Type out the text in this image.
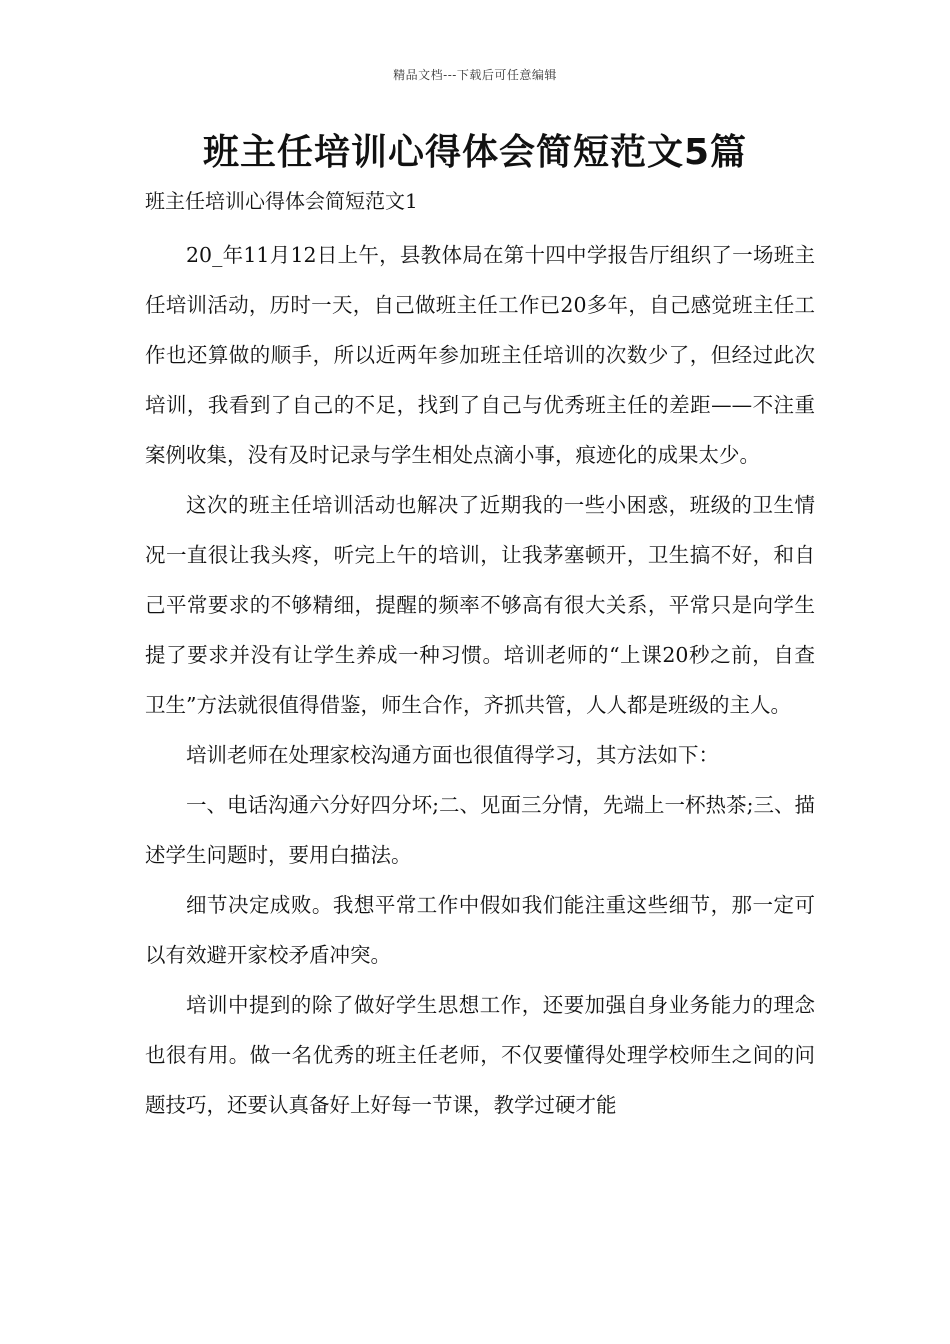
精品文档---下载后可任意编辑
班主任培训心得体会简短范文5篇
班主任培训心得体会简短范文1

20_年11月12日上午，县教体局在第十四中学报告厅组织了一场班主任培训活动，历时一天，自己做班主任工作已20多年，自己感觉班主任工作也还算做的顺手，所以近两年参加班主任培训的次数少了，但经过此次培训，我看到了自己的不足，找到了自己与优秀班主任的差距——不注重案例收集，没有及时记录与学生相处点滴小事，痕迹化的成果太少。

这次的班主任培训活动也解决了近期我的一些小困惑，班级的卫生情况一直很让我头疼，听完上午的培训，让我茅塞顿开，卫生搞不好，和自己平常要求的不够精细，提醒的频率不够高有很大关系，平常只是向学生提了要求并没有让学生养成一种习惯。培训老师的“上课20秒之前，自查卫生”方法就很值得借鉴，师生合作，齐抓共管，人人都是班级的主人。

培训老师在处理家校沟通方面也很值得学习，其方法如下：

一、电话沟通六分好四分坏;二、见面三分情，先端上一杯热茶;三、描述学生问题时，要用白描法。

细节决定成败。我想平常工作中假如我们能注重这些细节，那一定可以有效避开家校矛盾冲突。

培训中提到的除了做好学生思想工作，还要加强自身业务能力的理念也很有用。做一名优秀的班主任老师，不仅要懂得处理学校师生之间的问题技巧，还要认真备好上好每一节课，教学过硬才能
